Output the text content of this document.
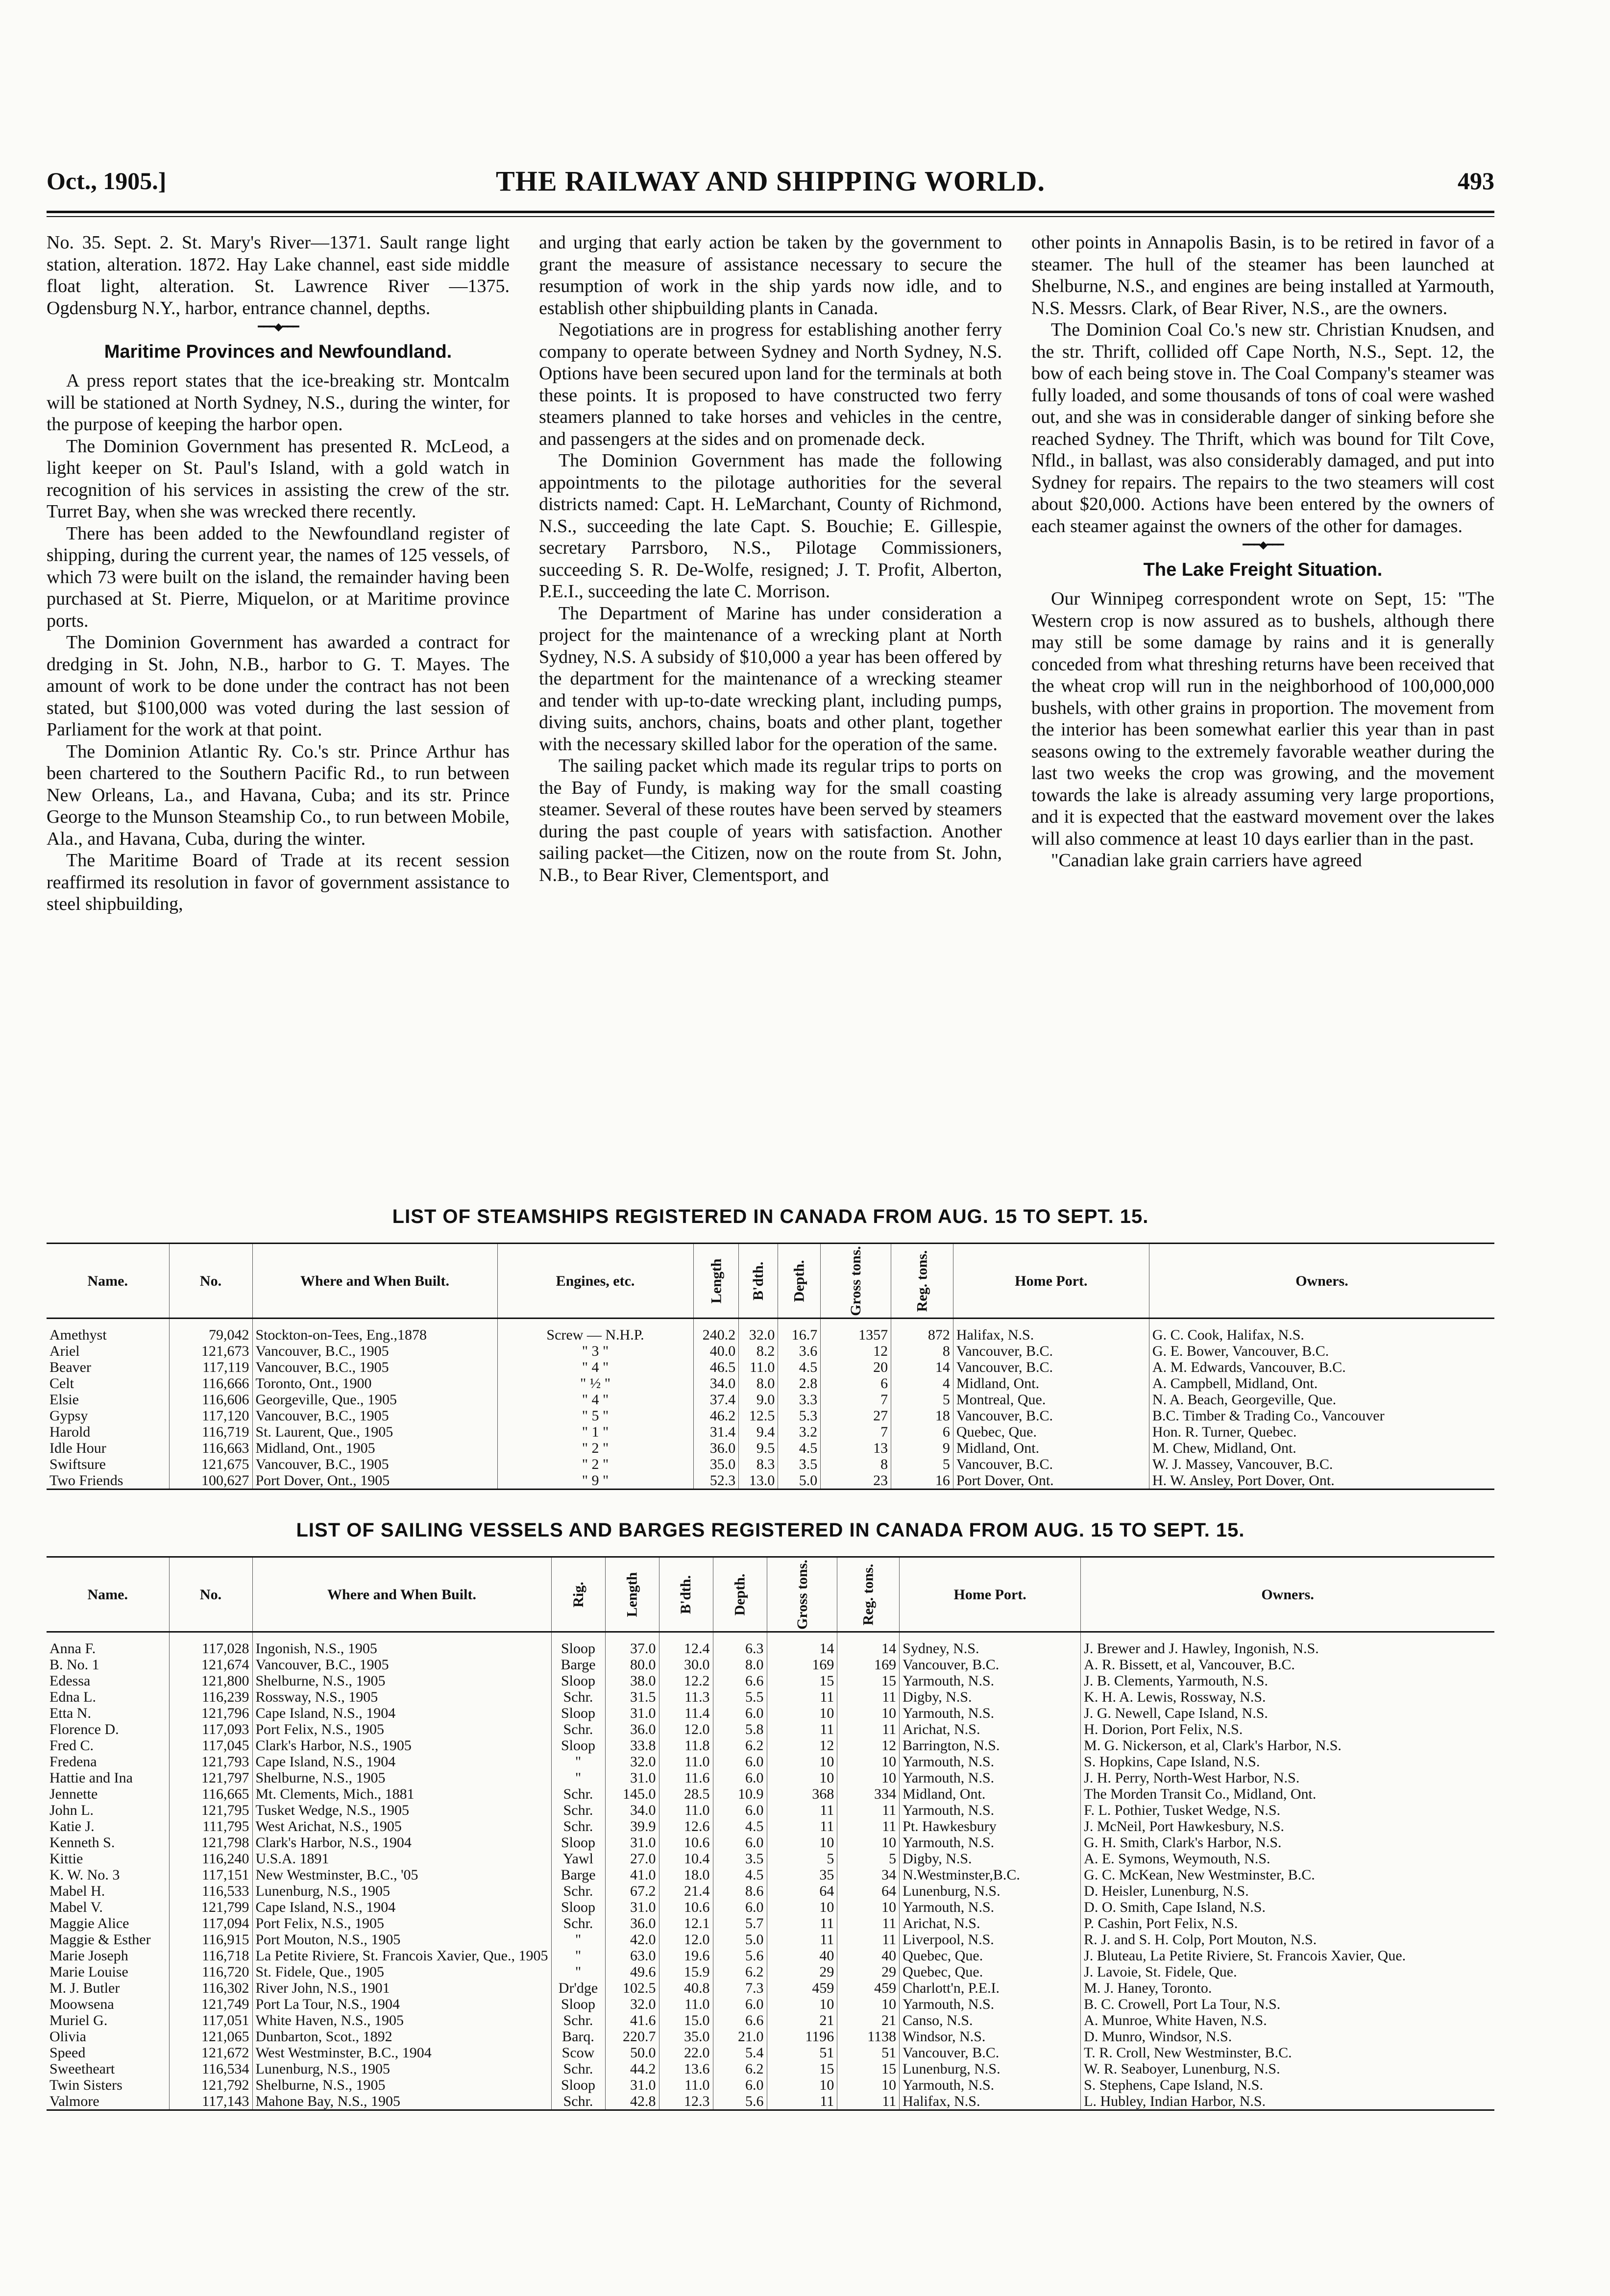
Oct., 1905.]	THE RAILWAY AND SHIPPING WORLD.	493

No. 35. Sept. 2. St. Mary's River—1371. Sault range light station, alteration. 1872. Hay Lake channel, east side middle float light, alteration. St. Lawrence River —1375. Ogdensburg N.Y., harbor, entrance channel, depths.

━━━◆━━━
Maritime Provinces and Newfoundland.

A press report states that the ice-breaking str. Montcalm will be stationed at North Sydney, N.S., during the winter, for the purpose of keeping the harbor open.

The Dominion Government has presented R. McLeod, a light keeper on St. Paul's Island, with a gold watch in recognition of his services in assisting the crew of the str. Turret Bay, when she was wrecked there recently.

There has been added to the Newfoundland register of shipping, during the current year, the names of 125 vessels, of which 73 were built on the island, the remainder having been purchased at St. Pierre, Miquelon, or at Maritime province ports.

The Dominion Government has awarded a contract for dredging in St. John, N.B., harbor to G. T. Mayes. The amount of work to be done under the contract has not been stated, but $100,000 was voted during the last session of Parliament for the work at that point.

The Dominion Atlantic Ry. Co.'s str. Prince Arthur has been chartered to the Southern Pacific Rd., to run between New Orleans, La., and Havana, Cuba; and its str. Prince George to the Munson Steamship Co., to run between Mobile, Ala., and Havana, Cuba, during the winter.

The Maritime Board of Trade at its recent session reaffirmed its resolution in favor of government assistance to steel shipbuilding,

and urging that early action be taken by the government to grant the measure of assistance necessary to secure the resumption of work in the ship yards now idle, and to establish other shipbuilding plants in Canada.

Negotiations are in progress for establishing another ferry company to operate between Sydney and North Sydney, N.S. Options have been secured upon land for the terminals at both these points. It is proposed to have constructed two ferry steamers planned to take horses and vehicles in the centre, and passengers at the sides and on promenade deck.

The Dominion Government has made the following appointments to the pilotage authorities for the several districts named: Capt. H. LeMarchant, County of Richmond, N.S., succeeding the late Capt. S. Bouchie; E. Gillespie, secretary Parrsboro, N.S., Pilotage Commissioners, succeeding S. R. De-Wolfe, resigned; J. T. Profit, Alberton, P.E.I., succeeding the late C. Morrison.

The Department of Marine has under consideration a project for the maintenance of a wrecking plant at North Sydney, N.S. A subsidy of $10,000 a year has been offered by the department for the maintenance of a wrecking steamer and tender with up-to-date wrecking plant, including pumps, diving suits, anchors, chains, boats and other plant, together with the necessary skilled labor for the operation of the same.

The sailing packet which made its regular trips to ports on the Bay of Fundy, is making way for the small coasting steamer. Several of these routes have been served by steamers during the past couple of years with satisfaction. Another sailing packet—the Citizen, now on the route from St. John, N.B., to Bear River, Clementsport, and

other points in Annapolis Basin, is to be retired in favor of a steamer. The hull of the steamer has been launched at Shelburne, N.S., and engines are being installed at Yarmouth, N.S. Messrs. Clark, of Bear River, N.S., are the owners.

The Dominion Coal Co.'s new str. Christian Knudsen, and the str. Thrift, collided off Cape North, N.S., Sept. 12, the bow of each being stove in. The Coal Company's steamer was fully loaded, and some thousands of tons of coal were washed out, and she was in considerable danger of sinking before she reached Sydney. The Thrift, which was bound for Tilt Cove, Nfld., in ballast, was also considerably damaged, and put into Sydney for repairs. The repairs to the two steamers will cost about $20,000. Actions have been entered by the owners of each steamer against the owners of the other for damages.

━━━◆━━━
The Lake Freight Situation.

Our Winnipeg correspondent wrote on Sept, 15: "The Western crop is now assured as to bushels, although there may still be some damage by rains and it is generally conceded from what threshing returns have been received that the wheat crop will run in the neighborhood of 100,000,000 bushels, with other grains in proportion. The movement from the interior has been somewhat earlier this year than in past seasons owing to the extremely favorable weather during the last two weeks the crop was growing, and the movement towards the lake is already assuming very large proportions, and it is expected that the eastward movement over the lakes will also commence at least 10 days earlier than in the past.

"Canadian lake grain carriers have agreed

LIST OF STEAMSHIPS REGISTERED IN CANADA FROM AUG. 15 TO SEPT. 15.
Name.	No.	Where and When Built.	Engines, etc.	Length	B'dth.	Depth.	Gross tons.	Reg. tons.	Home Port.	Owners.
Amethyst	79,042	Stockton-on-Tees, Eng.,1878	Screw — N.H.P.	240.2	32.0	16.7	1357	872	Halifax, N.S.	G. C. Cook, Halifax, N.S.
Ariel	121,673	Vancouver, B.C., 1905	" 3 "	40.0	8.2	3.6	12	8	Vancouver, B.C.	G. E. Bower, Vancouver, B.C.
Beaver	117,119	Vancouver, B.C., 1905	" 4 "	46.5	11.0	4.5	20	14	Vancouver, B.C.	A. M. Edwards, Vancouver, B.C.
Celt	116,666	Toronto, Ont., 1900	" ½ "	34.0	8.0	2.8	6	4	Midland, Ont.	A. Campbell, Midland, Ont.
Elsie	116,606	Georgeville, Que., 1905	" 4 "	37.4	9.0	3.3	7	5	Montreal, Que.	N. A. Beach, Georgeville, Que.
Gypsy	117,120	Vancouver, B.C., 1905	" 5 "	46.2	12.5	5.3	27	18	Vancouver, B.C.	B.C. Timber & Trading Co., Vancouver
Harold	116,719	St. Laurent, Que., 1905	" 1 "	31.4	9.4	3.2	7	6	Quebec, Que.	Hon. R. Turner, Quebec.
Idle Hour	116,663	Midland, Ont., 1905	" 2 "	36.0	9.5	4.5	13	9	Midland, Ont.	M. Chew, Midland, Ont.
Swiftsure	121,675	Vancouver, B.C., 1905	" 2 "	35.0	8.3	3.5	8	5	Vancouver, B.C.	W. J. Massey, Vancouver, B.C.
Two Friends	100,627	Port Dover, Ont., 1905	" 9 "	52.3	13.0	5.0	23	16	Port Dover, Ont.	H. W. Ansley, Port Dover, Ont.
LIST OF SAILING VESSELS AND BARGES REGISTERED IN CANADA FROM AUG. 15 TO SEPT. 15.
Name.	No.	Where and When Built.	Rig.	Length	B'dth.	Depth.	Gross tons.	Reg. tons.	Home Port.	Owners.
Anna F.	117,028	Ingonish, N.S., 1905	Sloop	37.0	12.4	6.3	14	14	Sydney, N.S.	J. Brewer and J. Hawley, Ingonish, N.S.
B. No. 1	121,674	Vancouver, B.C., 1905	Barge	80.0	30.0	8.0	169	169	Vancouver, B.C.	A. R. Bissett, et al, Vancouver, B.C.
Edessa	121,800	Shelburne, N.S., 1905	Sloop	38.0	12.2	6.6	15	15	Yarmouth, N.S.	J. B. Clements, Yarmouth, N.S.
Edna L.	116,239	Rossway, N.S., 1905	Schr.	31.5	11.3	5.5	11	11	Digby, N.S.	K. H. A. Lewis, Rossway, N.S.
Etta N.	121,796	Cape Island, N.S., 1904	Sloop	31.0	11.4	6.0	10	10	Yarmouth, N.S.	J. G. Newell, Cape Island, N.S.
Florence D.	117,093	Port Felix, N.S., 1905	Schr.	36.0	12.0	5.8	11	11	Arichat, N.S.	H. Dorion, Port Felix, N.S.
Fred C.	117,045	Clark's Harbor, N.S., 1905	Sloop	33.8	11.8	6.2	12	12	Barrington, N.S.	M. G. Nickerson, et al, Clark's Harbor, N.S.
Fredena	121,793	Cape Island, N.S., 1904	"	32.0	11.0	6.0	10	10	Yarmouth, N.S.	S. Hopkins, Cape Island, N.S.
Hattie and Ina	121,797	Shelburne, N.S., 1905	"	31.0	11.6	6.0	10	10	Yarmouth, N.S.	J. H. Perry, North-West Harbor, N.S.
Jennette	116,665	Mt. Clements, Mich., 1881	Schr.	145.0	28.5	10.9	368	334	Midland, Ont.	The Morden Transit Co., Midland, Ont.
John L.	121,795	Tusket Wedge, N.S., 1905	Schr.	34.0	11.0	6.0	11	11	Yarmouth, N.S.	F. L. Pothier, Tusket Wedge, N.S.
Katie J.	111,795	West Arichat, N.S., 1905	Schr.	39.9	12.6	4.5	11	11	Pt. Hawkesbury	J. McNeil, Port Hawkesbury, N.S.
Kenneth S.	121,798	Clark's Harbor, N.S., 1904	Sloop	31.0	10.6	6.0	10	10	Yarmouth, N.S.	G. H. Smith, Clark's Harbor, N.S.
Kittie	116,240	U.S.A. 1891	Yawl	27.0	10.4	3.5	5	5	Digby, N.S.	A. E. Symons, Weymouth, N.S.
K. W. No. 3	117,151	New Westminster, B.C., '05	Barge	41.0	18.0	4.5	35	34	N.Westminster,B.C.	G. C. McKean, New Westminster, B.C.
Mabel H.	116,533	Lunenburg, N.S., 1905	Schr.	67.2	21.4	8.6	64	64	Lunenburg, N.S.	D. Heisler, Lunenburg, N.S.
Mabel V.	121,799	Cape Island, N.S., 1904	Sloop	31.0	10.6	6.0	10	10	Yarmouth, N.S.	D. O. Smith, Cape Island, N.S.
Maggie Alice	117,094	Port Felix, N.S., 1905	Schr.	36.0	12.1	5.7	11	11	Arichat, N.S.	P. Cashin, Port Felix, N.S.
Maggie & Esther	116,915	Port Mouton, N.S., 1905	"	42.0	12.0	5.0	11	11	Liverpool, N.S.	R. J. and S. H. Colp, Port Mouton, N.S.
Marie Joseph	116,718	La Petite Riviere, St. Francois Xavier, Que., 1905	"	63.0	19.6	5.6	40	40	Quebec, Que.	J. Bluteau, La Petite Riviere, St. Francois Xavier, Que.
Marie Louise	116,720	St. Fidele, Que., 1905	"	49.6	15.9	6.2	29	29	Quebec, Que.	J. Lavoie, St. Fidele, Que.
M. J. Butler	116,302	River John, N.S., 1901	Dr'dge	102.5	40.8	7.3	459	459	Charlott'n, P.E.I.	M. J. Haney, Toronto.
Moowsena	121,749	Port La Tour, N.S., 1904	Sloop	32.0	11.0	6.0	10	10	Yarmouth, N.S.	B. C. Crowell, Port La Tour, N.S.
Muriel G.	117,051	White Haven, N.S., 1905	Schr.	41.6	15.0	6.6	21	21	Canso, N.S.	A. Munroe, White Haven, N.S.
Olivia	121,065	Dunbarton, Scot., 1892	Barq.	220.7	35.0	21.0	1196	1138	Windsor, N.S.	D. Munro, Windsor, N.S.
Speed	121,672	West Westminster, B.C., 1904	Scow	50.0	22.0	5.4	51	51	Vancouver, B.C.	T. R. Croll, New Westminster, B.C.
Sweetheart	116,534	Lunenburg, N.S., 1905	Schr.	44.2	13.6	6.2	15	15	Lunenburg, N.S.	W. R. Seaboyer, Lunenburg, N.S.
Twin Sisters	121,792	Shelburne, N.S., 1905	Sloop	31.0	11.0	6.0	10	10	Yarmouth, N.S.	S. Stephens, Cape Island, N.S.
Valmore	117,143	Mahone Bay, N.S., 1905	Schr.	42.8	12.3	5.6	11	11	Halifax, N.S.	L. Hubley, Indian Harbor, N.S.
